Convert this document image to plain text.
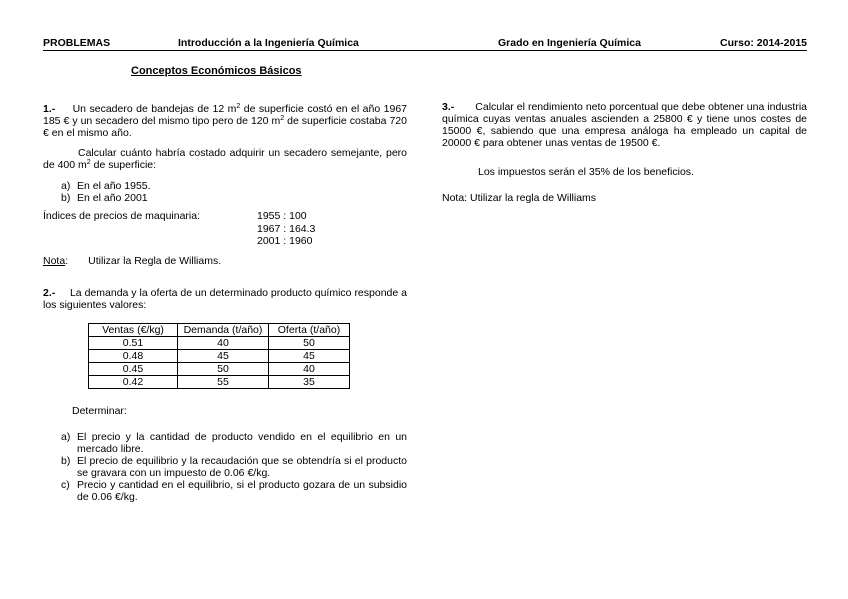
PROBLEMAS	Introducción a la Ingeniería Química	Grado en Ingeniería Química	Curso: 2014-2015
Conceptos Económicos Básicos
1.- Un secadero de bandejas de 12 $m^2$ de superficie costó en el año 1967 185 € y un secadero del mismo tipo pero de 120 $m^2$ de superficie costaba 720 € en el mismo año.
Calcular cuánto habría costado adquirir un secadero semejante, pero de 400 $m^2$ de superficie:
a) En el año 1955.
b) En el año 2001
Índices de precios de maquinaria:	1955 : 100
1967 : 164.3
2001 : 1960
Nota: Utilizar la Regla de Williams.
2.- La demanda y la oferta de un determinado producto químico responde a los siguientes valores:
Ventas (€/kg)	Demanda (t/año)	Oferta (t/año)
0.51	40	50
0.48	45	45
0.45	50	40
0.42	55	35
Determinar:
a) El precio y la cantidad de producto vendido en el equilibrio en un mercado libre.
b) El precio de equilibrio y la recaudación que se obtendría si el producto se gravara con un impuesto de 0.06 €/kg.
c) Precio y cantidad en el equilibrio, si el producto gozara de un subsidio de 0.06 €/kg.
3.- Calcular el rendimiento neto porcentual que debe obtener una industria química cuyas ventas anuales ascienden a 25800 € y tiene unos costes de 15000 €, sabiendo que una empresa análoga ha empleado un capital de 20000 € para obtener unas ventas de 19500 €.
Los impuestos serán el 35% de los beneficios.
Nota: Utilizar la regla de Williams
